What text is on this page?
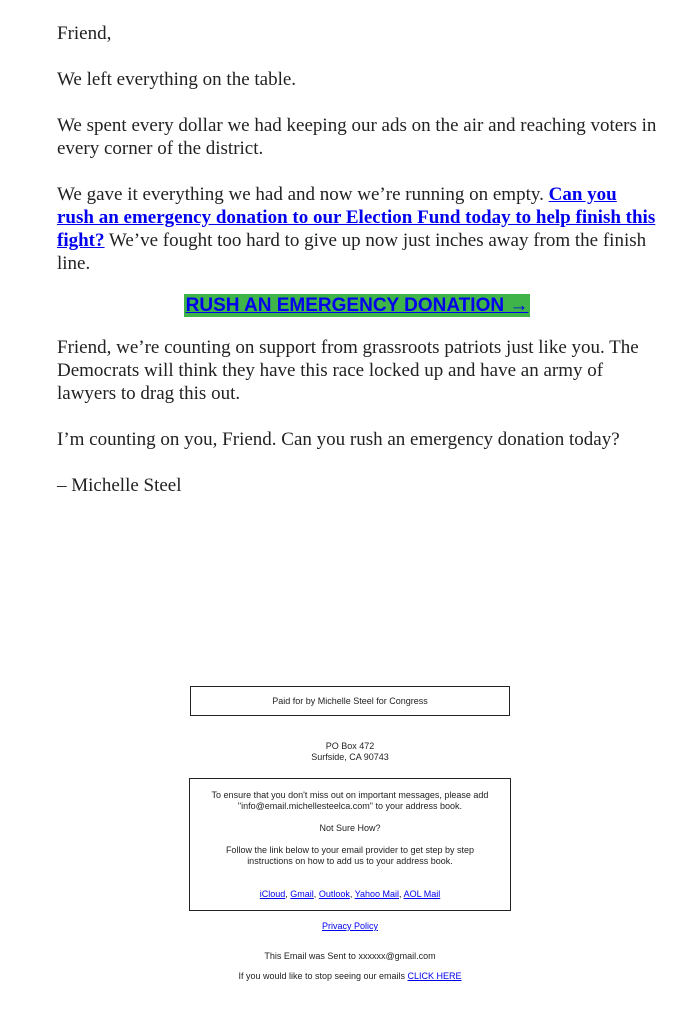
Friend,

We left everything on the table.

We spent every dollar we had keeping our ads on the air and reaching voters in every corner of the district.

We gave it everything we had and now we’re running on empty. Can you rush an emergency donation to our Election Fund today to help finish this fight? We’ve fought too hard to give up now just inches away from the finish line.

RUSH AN EMERGENCY DONATION →

Friend, we’re counting on support from grassroots patriots just like you. The Democrats will think they have this race locked up and have an army of lawyers to drag this out.

I’m counting on you, Friend. Can you rush an emergency donation today?

– Michelle Steel

Paid for by Michelle Steel for Congress
PO Box 472
Surfside, CA 90743

To ensure that you don't miss out on important messages, please add "info@email.michellesteelca.com" to your address book.

Not Sure How?

Follow the link below to your email provider to get step by step instructions on how to add us to your address book.

iCloud, Gmail, Outlook, Yahoo Mail, AOL Mail

Privacy Policy
This Email was Sent to xxxxxx@gmail.com
If you would like to stop seeing our emails CLICK HERE
